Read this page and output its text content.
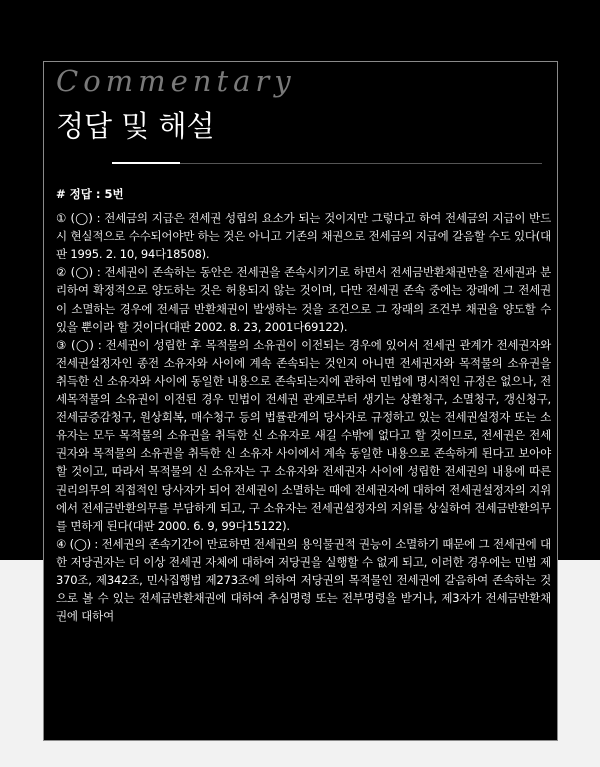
Commentary
정답 및 해설

# 정답 : 5번

① (◯) : 전세금의 지급은 전세권 성립의 요소가 되는 것이지만 그렇다고 하여 전세금의 지급이 반드시 현실적으로 수수되어야만 하는 것은 아니고 기존의 채권으로 전세금의 지급에 갈음할 수도 있다(대판 1995. 2. 10, 94다18508).

② (◯) : 전세권이 존속하는 동안은 전세권을 존속시키기로 하면서 전세금반환채권만을 전세권과 분리하여 확정적으로 양도하는 것은 허용되지 않는 것이며, 다만 전세권 존속 중에는 장래에 그 전세권이 소멸하는 경우에 전세금 반환채권이 발생하는 것을 조건으로 그 장래의 조건부 채권을 양도할 수 있을 뿐이라 할 것이다(대판 2002. 8. 23, 2001다69122).

③ (◯) : 전세권이 성립한 후 목적물의 소유권이 이전되는 경우에 있어서 전세권 관계가 전세권자와 전세권설정자인 종전 소유자와 사이에 계속 존속되는 것인지 아니면 전세권자와 목적물의 소유권을 취득한 신 소유자와 사이에 동일한 내용으로 존속되는지에 관하여 민법에 명시적인 규정은 없으나, 전세목적물의 소유권이 이전된 경우 민법이 전세권 관계로부터 생기는 상환청구, 소멸청구, 갱신청구, 전세금증감청구, 원상회복, 매수청구 등의 법률관계의 당사자로 규정하고 있는 전세권설정자 또는 소유자는 모두 목적물의 소유권을 취득한 신 소유자로 새길 수밖에 없다고 할 것이므로, 전세권은 전세권자와 목적물의 소유권을 취득한 신 소유자 사이에서 계속 동일한 내용으로 존속하게 된다고 보아야 할 것이고, 따라서 목적물의 신 소유자는 구 소유자와 전세권자 사이에 성립한 전세권의 내용에 따른 권리의무의 직접적인 당사자가 되어 전세권이 소멸하는 때에 전세권자에 대하여 전세권설정자의 지위에서 전세금반환의무를 부담하게 되고, 구 소유자는 전세권설정자의 지위를 상실하여 전세금반환의무를 면하게 된다(대판 2000. 6. 9, 99다15122).

④ (◯) : 전세권의 존속기간이 만료하면 전세권의 용익물권적 권능이 소멸하기 때문에 그 전세권에 대한 저당권자는 더 이상 전세권 자체에 대하여 저당권을 실행할 수 없게 되고, 이러한 경우에는 민법 제370조, 제342조, 민사집행법 제273조에 의하여 저당권의 목적물인 전세권에 갈음하여 존속하는 것 으로 볼 수 있는 전세금반환채권에 대하여 추심명령 또는 전부명령을 받거나, 제3자가 전세금반환채 권에 대하여
